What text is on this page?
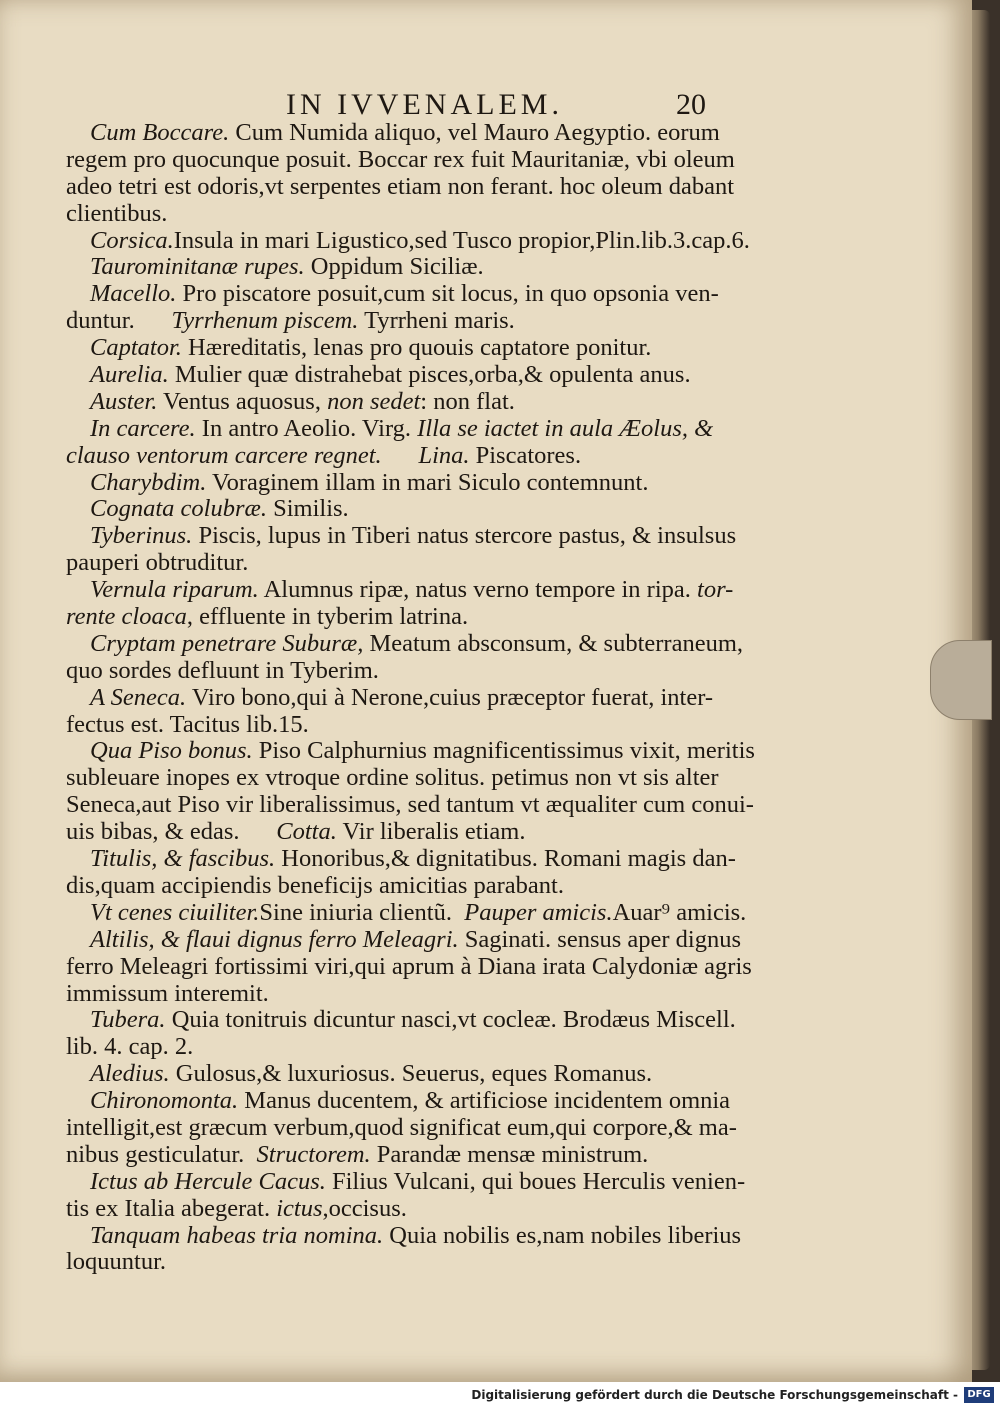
IN IVVENALEM.	20
Cum Boccare. Cum Numida aliquo, vel Mauro Aegyptio. eorum
regem pro quocunque posuit. Boccar rex fuit Mauritaniæ, vbi oleum
adeo tetri est odoris,vt serpentes etiam non ferant. hoc oleum dabant
clientibus.
Corsica.Insula in mari Ligustico,sed Tusco propior,Plin.lib.3.cap.6.
Taurominitanæ rupes. Oppidum Siciliæ.
Macello. Pro piscatore posuit,cum sit locus, in quo opsonia ven-
duntur.      Tyrrhenum piscem. Tyrrheni maris.
Captator. Hæreditatis, lenas pro quouis captatore ponitur.
Aurelia. Mulier quæ distrahebat pisces,orba,& opulenta anus.
Auster. Ventus aquosus, non sedet: non flat.
In carcere. In antro Aeolio. Virg. Illa se iactet in aula Æolus, &
clauso ventorum carcere regnet. Lina. Piscatores.
Charybdim. Voraginem illam in mari Siculo contemnunt.
Cognata colubræ. Similis.
Tyberinus. Piscis, lupus in Tiberi natus stercore pastus, & insulsus
pauperi obtruditur.
Vernula riparum. Alumnus ripæ, natus verno tempore in ripa. tor-
rente cloaca, effluente in tyberim latrina.
Cryptam penetrare Suburæ, Meatum absconsum, & subterraneum,
quo sordes defluunt in Tyberim.
A Seneca. Viro bono,qui à Nerone,cuius præceptor fuerat, inter-
fectus est. Tacitus lib.15.
Qua Piso bonus. Piso Calphurnius magnificentissimus vixit, meritis
subleuare inopes ex vtroque ordine solitus. petimus non vt sis alter
Seneca,aut Piso vir liberalissimus, sed tantum vt æqualiter cum conui-
uis bibas, & edas.      Cotta. Vir liberalis etiam.
Titulis, & fascibus. Honoribus,& dignitatibus. Romani magis dan-
dis,quam accipiendis beneficijs amicitias parabant.
Vt cenes ciuiliter.Sine iniuria clientũ.  Pauper amicis.Auar⁹ amicis.
Altilis, & flaui dignus ferro Meleagri. Saginati. sensus aper dignus
ferro Meleagri fortissimi viri,qui aprum à Diana irata Calydoniæ agris
immissum interemit.
Tubera. Quia tonitruis dicuntur nasci,vt cocleæ. Brodæus Miscell.
lib. 4. cap. 2.
Aledius. Gulosus,& luxuriosus. Seuerus, eques Romanus.
Chironomonta. Manus ducentem, & artificiose incidentem omnia
intelligit,est græcum verbum,quod significat eum,qui corpore,& ma-
nibus gesticulatur.  Structorem. Parandæ mensæ ministrum.
Ictus ab Hercule Cacus. Filius Vulcani, qui boues Herculis venien-
tis ex Italia abegerat. ictus,occisus.
Tanquam habeas tria nomina. Quia nobilis es,nam nobiles liberius
loquuntur.
Digitalisierung gefördert durch die Deutsche Forschungsgemeinschaft - DFG
